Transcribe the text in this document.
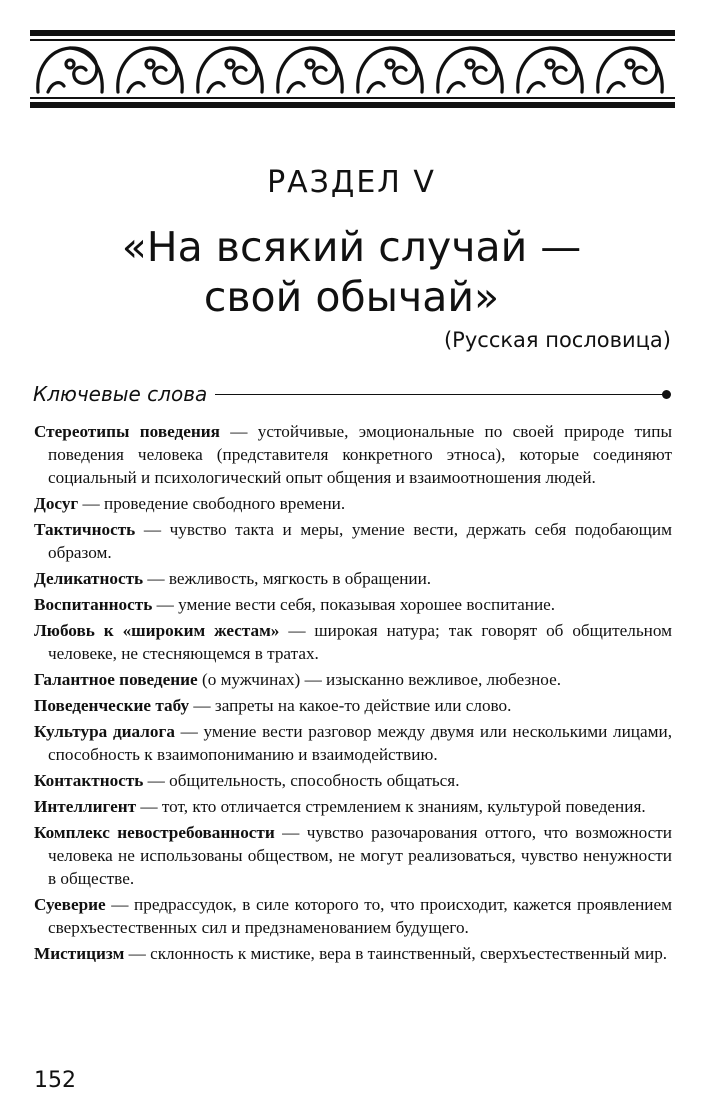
РАЗДЕЛ V
«На всякий случай —
свой обычай»
(Русская пословица)
Ключевые слова

Стереотипы поведения — устойчивые, эмоциональные по своей природе типы поведения человека (представителя конкретного этноса), которые соединяют социальный и психологический опыт общения и взаимоотношения людей.

Досуг — проведение свободного времени.

Тактичность — чувство такта и меры, умение вести, держать себя подобающим образом.

Деликатность — вежливость, мягкость в обращении.

Воспитанность — умение вести себя, показывая хорошее воспитание.

Любовь к «широким жестам» — широкая натура; так говорят об общительном человеке, не стесняющемся в тратах.

Галантное поведение (о мужчинах) — изысканно вежливое, любезное.

Поведенческие табу — запреты на какое-то действие или слово.

Культура диалога — умение вести разговор между двумя или несколькими лицами, способность к взаимопониманию и взаимодействию.

Контактность — общительность, способность общаться.

Интеллигент — тот, кто отличается стремлением к знаниям, культурой поведения.

Комплекс невостребованности — чувство разочарования оттого, что возможности человека не использованы обществом, не могут реализоваться, чувство ненужности в обществе.

Суеверие — предрассудок, в силе которого то, что происходит, кажется проявлением сверхъестественных сил и предзнаменованием будущего.

Мистицизм — склонность к мистике, вера в таинственный, сверхъестественный мир.

152
